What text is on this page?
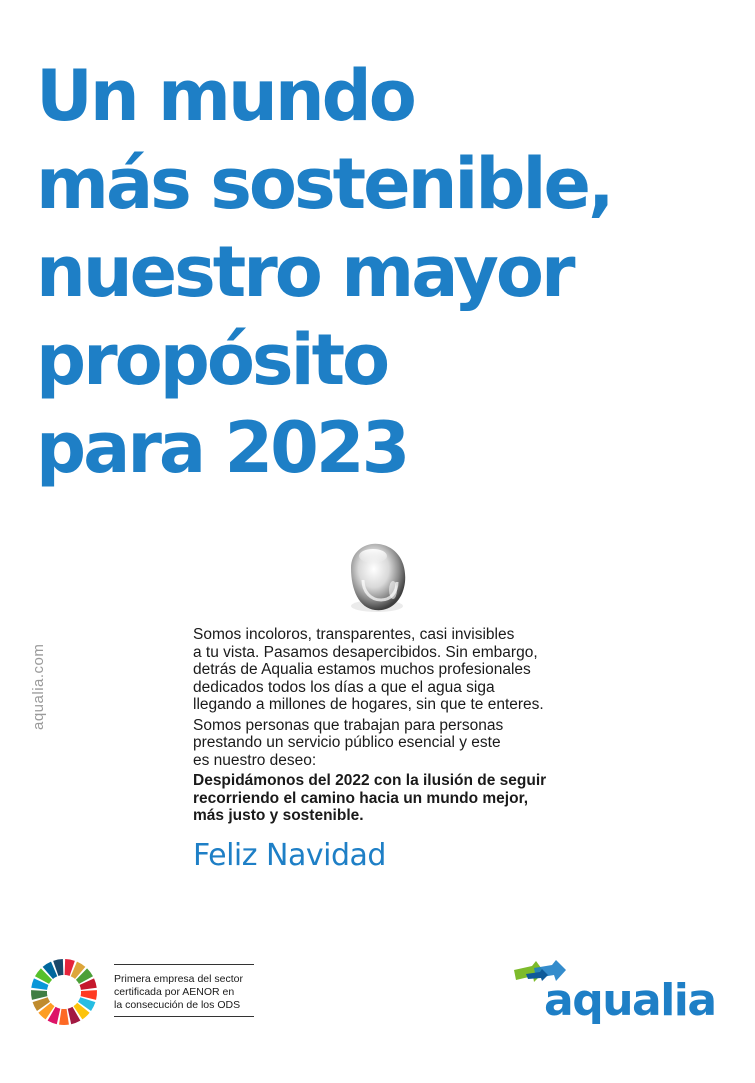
Un mundo
más sostenible,
nuestro mayor
propósito
para 2023
aqualia.com

Somos incoloros, transparentes, casi invisibles
a tu vista. Pasamos desapercibidos. Sin embargo,
detrás de Aqualia estamos muchos profesionales
dedicados todos los días a que el agua siga
llegando a millones de hogares, sin que te enteres.

Somos personas que trabajan para personas
prestando un servicio público esencial y este
es nuestro deseo:

Despidámonos del 2022 con la ilusión de seguir
recorriendo el camino hacia un mundo mejor,
más justo y sostenible.

Feliz Navidad
Primera empresa del sector
certificada por AENOR en
la consecución de los ODS	aqualia
